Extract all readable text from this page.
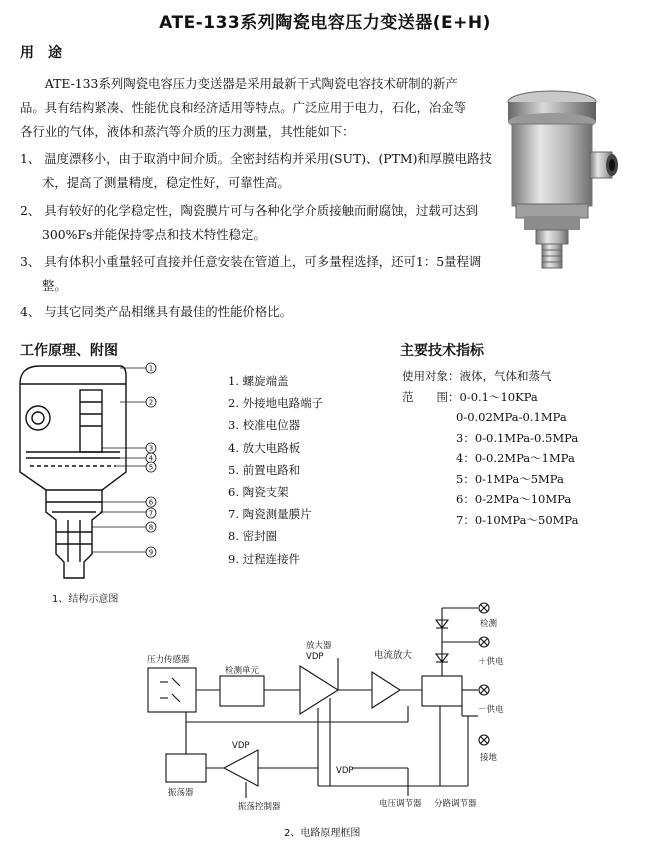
ATE-133系列陶瓷电容压力变送器(E+H)
用　途
ATE-133系列陶瓷电容压力变送器是采用最新干式陶瓷电容技术研制的新产品。具有结构紧凑、性能优良和经济适用等特点。广泛应用于电力，石化，冶金等各行业的气体，液体和蒸汽等介质的压力测量，其性能如下：
1、 温度漂移小，由于取消中间介质。全密封结构并采用(SUT)、(PTM)和厚膜电路技术，提高了测量精度，稳定性好，可靠性高。
2、 具有较好的化学稳定性，陶瓷膜片可与各种化学介质接触而耐腐蚀，过载可达到300%Fs并能保持零点和技术特性稳定。
3、 具有体积小重量轻可直接并任意安装在管道上，可多量程选择，还可1：5量程调整。
4、 与其它同类产品相继具有最佳的性能价格比。
工作原理、附图
1
2
3
4
5
6
7
8
9
1. 螺旋端盖
2. 外接地电路端子
3. 校准电位器
4. 放大电路板
5. 前置电路和
6. 陶瓷支架
7. 陶瓷测量膜片
8. 密封圈
9. 过程连接件
1、结构示意图
主要技术指标
使用对象：液体，气体和蒸气
范　　围：0-0.1～10KPa
0-0.02MPa-0.1MPa
3：0-0.1MPa-0.5MPa
4：0-0.2MPa～1MPa
5：0-1MPa～5MPa
6：0-2MPa～10MPa
7：0-10MPa～50MPa
压力传感器
检测单元
放大器
VDP	电流放大
VDP
VDP
振荡器
振荡控制器	电压调节器 分路调节器
检测
＋供电
－供电
接地
2、电路原理框图
